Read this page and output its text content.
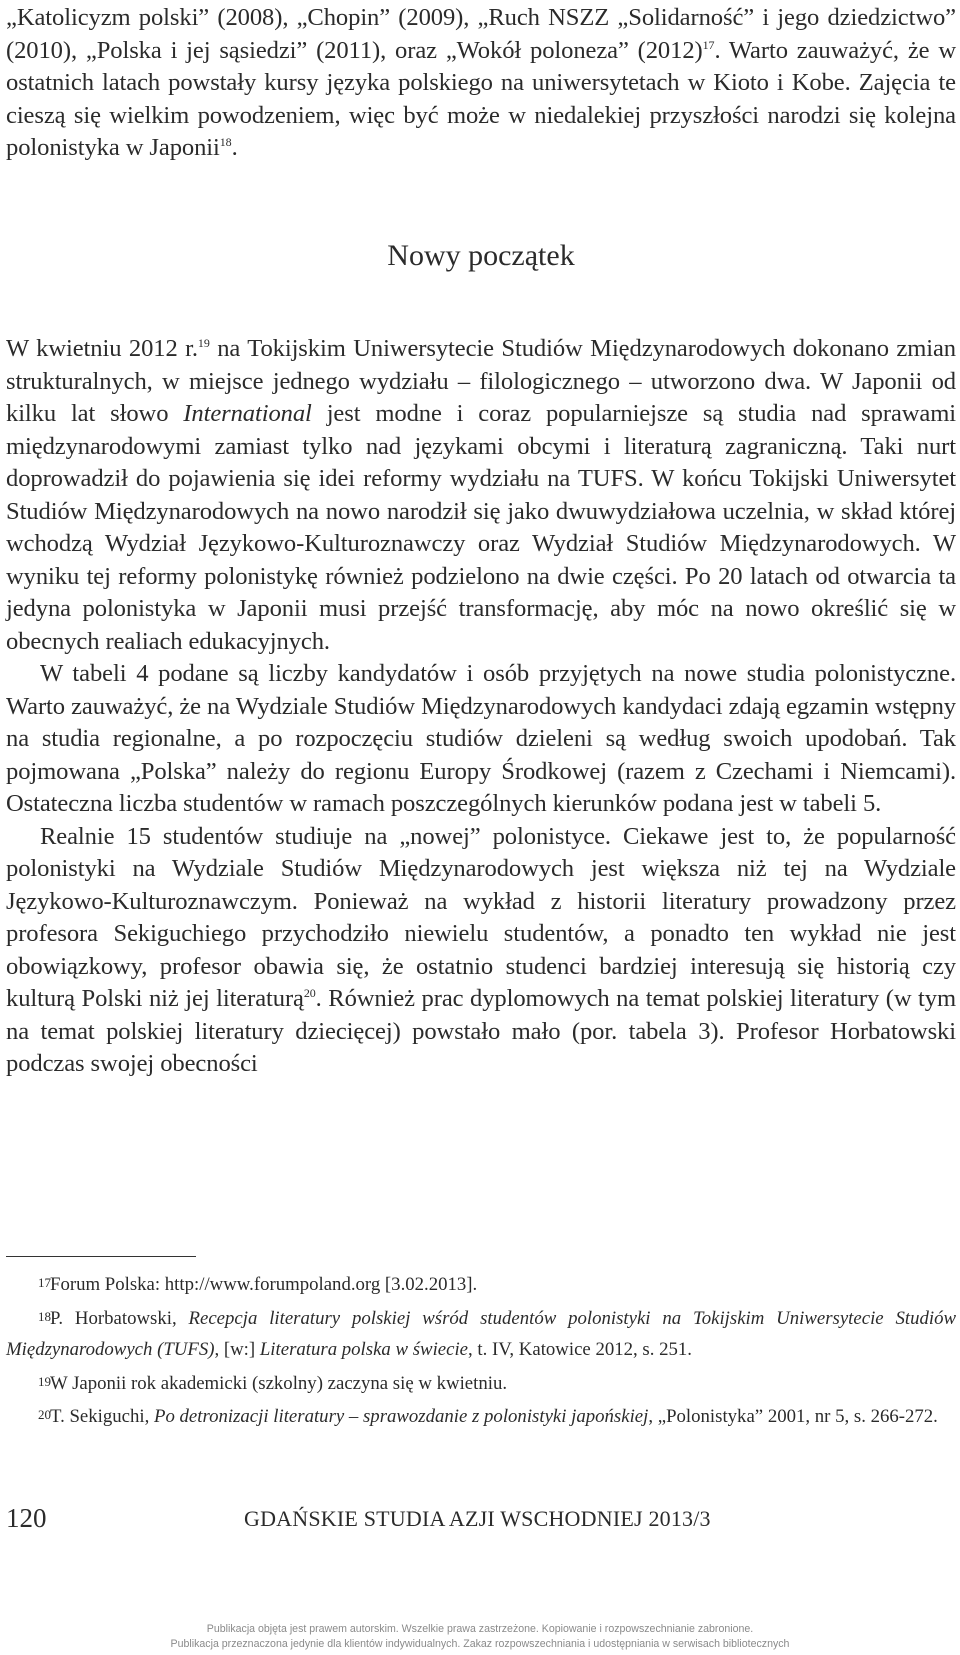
„Katolicyzm polski” (2008), „Chopin” (2009), „Ruch NSZZ „Solidarność” i jego dziedzictwo” (2010), „Polska i jej sąsiedzi” (2011), oraz „Wokół poloneza” $(2012)^{17}$. Warto zauważyć, że w ostatnich latach powstały kursy języka polskiego na uniwersytetach w Kioto i Kobe. Zajęcia te cieszą się wielkim powodzeniem, więc być może w niedalekiej przyszłości narodzi się kolejna polonistyka w Japonii$^{18}$.

Nowy początek

W kwietniu 2012 r.$^{19}$ na Tokijskim Uniwersytecie Studiów Międzynarodowych dokonano zmian strukturalnych, w miejsce jednego wydziału – filologicznego – utworzono dwa. W Japonii od kilku lat słowo International jest modne i coraz popularniejsze są studia nad sprawami międzynarodowymi zamiast tylko nad językami obcymi i literaturą zagraniczną. Taki nurt doprowadził do pojawienia się idei reformy wydziału na TUFS. W końcu Tokijski Uniwersytet Studiów Międzynarodowych na nowo narodził się jako dwuwydziałowa uczelnia, w skład której wchodzą Wydział Językowo-Kulturoznawczy oraz Wydział Studiów Międzynarodowych. W wyniku tej reformy polonistykę również podzielono na dwie części. Po 20 latach od otwarcia ta jedyna polonistyka w Japonii musi przejść transformację, aby móc na nowo określić się w obecnych realiach edukacyjnych.

W tabeli 4 podane są liczby kandydatów i osób przyjętych na nowe studia polonistyczne. Warto zauważyć, że na Wydziale Studiów Międzynarodowych kandydaci zdają egzamin wstępny na studia regionalne, a po rozpoczęciu studiów dzieleni są według swoich upodobań. Tak pojmowana „Polska” należy do regionu Europy Środkowej (razem z Czechami i Niemcami). Ostateczna liczba studentów w ramach poszczególnych kierunków podana jest w tabeli 5.

Realnie 15 studentów studiuje na „nowej” polonistyce. Ciekawe jest to, że popularność polonistyki na Wydziale Studiów Międzynarodowych jest większa niż tej na Wydziale Językowo-Kulturoznawczym. Ponieważ na wykład z historii literatury prowadzony przez profesora Sekiguchiego przychodziło niewielu studentów, a ponadto ten wykład nie jest obowiązkowy, profesor obawia się, że ostatnio studenci bardziej interesują się historią czy kulturą Polski niż jej literaturą$^{20}$. Również prac dyplomowych na temat polskiej literatury (w tym na temat polskiej literatury dziecięcej) powstało mało (por. tabela 3). Profesor Horbatowski podczas swojej obecności

17Forum Polska: http://www.forumpoland.org [3.02.2013].

18P. Horbatowski, Recepcja literatury polskiej wśród studentów polonistyki na Tokijskim Uniwersytecie Studiów Międzynarodowych (TUFS), [w:] Literatura polska w świecie, t. IV, Katowice 2012, s. 251.

19W Japonii rok akademicki (szkolny) zaczyna się w kwietniu.

20T. Sekiguchi, Po detronizacji literatury – sprawozdanie z polonistyki japońskiej, „Polonistyka” 2001, nr 5, s. 266-272.

120	GDAŃSKIE STUDIA AZJI WSCHODNIEJ 2013/3
Publikacja objęta jest prawem autorskim. Wszelkie prawa zastrzeżone. Kopiowanie i rozpowszechnianie zabronione.
Publikacja przeznaczona jedynie dla klientów indywidualnych. Zakaz rozpowszechniania i udostępniania w serwisach bibliotecznych
